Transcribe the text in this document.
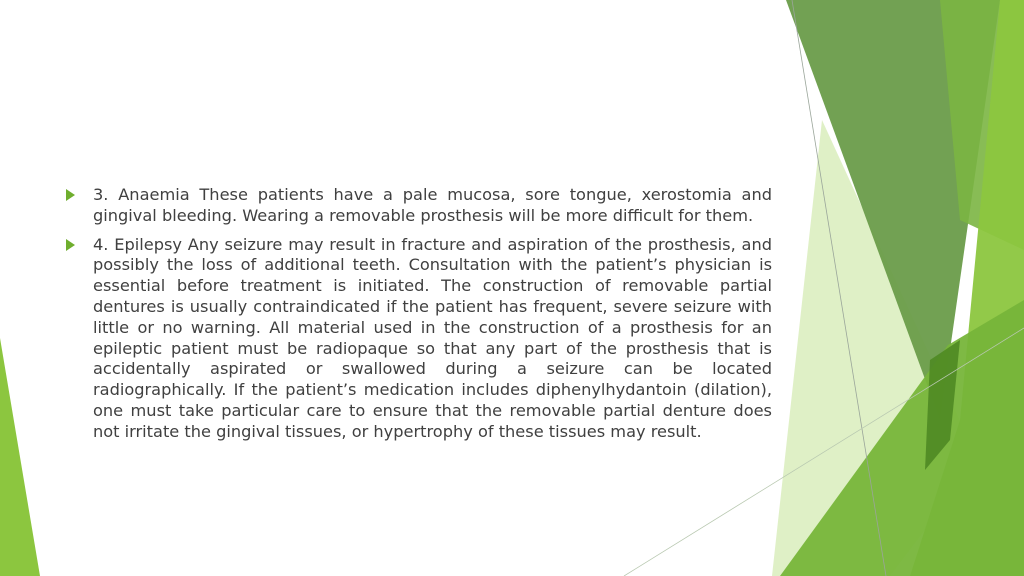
3. Anaemia These patients have a pale mucosa, sore tongue, xerostomia and gingival bleeding. Wearing a removable prosthesis will be more difficult for them.
4. Epilepsy Any seizure may result in fracture and aspiration of the prosthesis, and possibly the loss of additional teeth. Consultation with the patient’s physician is essential before treatment is initiated. The construction of removable partial dentures is usually contraindicated if the patient has frequent, severe seizure with little or no warning. All material used in the construction of a prosthesis for an epileptic patient must be radiopaque so that any part of the prosthesis that is accidentally aspirated or swallowed during a seizure can be located radiographically. If the patient’s medication includes diphenylhydantoin (dilation), one must take particular care to ensure that the removable partial denture does not irritate the gingival tissues, or hypertrophy of these tissues may result.
